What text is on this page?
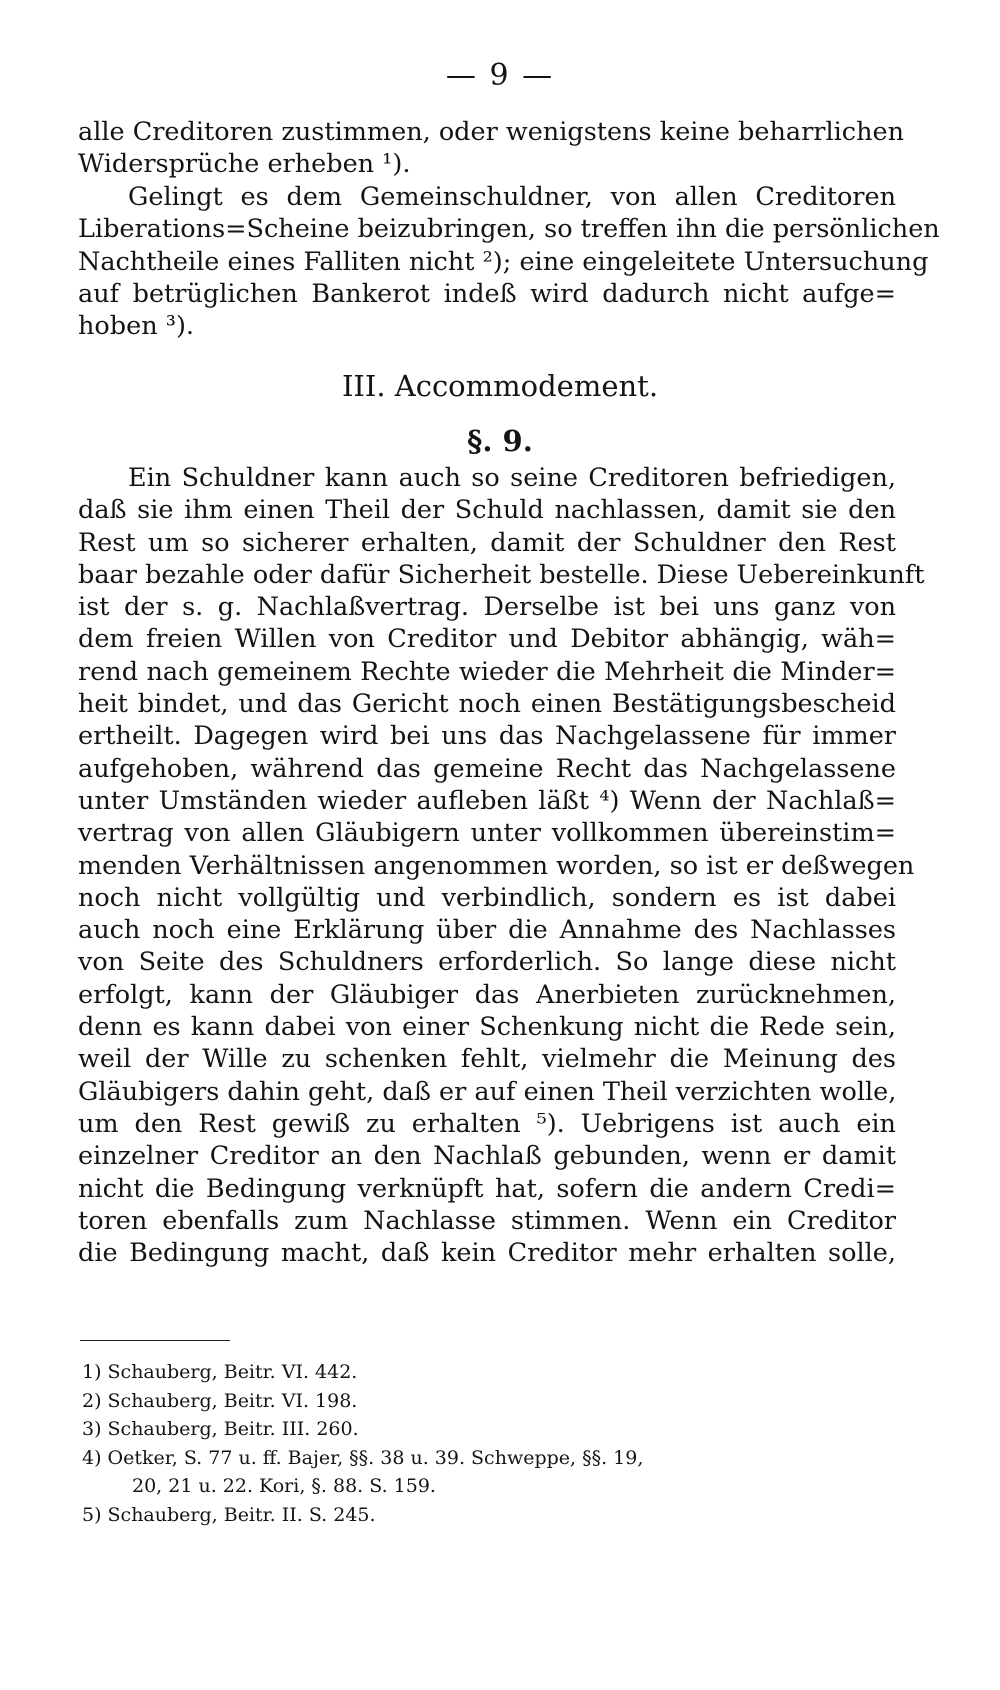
— 9 —
alle Creditoren zustimmen, oder wenigstens keine beharrlichen
Widersprüche erheben ¹).
Gelingt es dem Gemeinschuldner, von allen Creditoren
Liberations=Scheine beizubringen, so treffen ihn die persönlichen
Nachtheile eines Falliten nicht ²); eine eingeleitete Untersuchung
auf betrüglichen Bankerot indeß wird dadurch nicht aufge=
hoben ³).
III. Accommodement.
§. 9.
Ein Schuldner kann auch so seine Creditoren befriedigen,
daß sie ihm einen Theil der Schuld nachlassen, damit sie den
Rest um so sicherer erhalten, damit der Schuldner den Rest
baar bezahle oder dafür Sicherheit bestelle. Diese Uebereinkunft
ist der s. g. Nachlaßvertrag. Derselbe ist bei uns ganz von
dem freien Willen von Creditor und Debitor abhängig, wäh=
rend nach gemeinem Rechte wieder die Mehrheit die Minder=
heit bindet, und das Gericht noch einen Bestätigungsbescheid
ertheilt. Dagegen wird bei uns das Nachgelassene für immer
aufgehoben, während das gemeine Recht das Nachgelassene
unter Umständen wieder aufleben läßt ⁴) Wenn der Nachlaß=
vertrag von allen Gläubigern unter vollkommen übereinstim=
menden Verhältnissen angenommen worden, so ist er deßwegen
noch nicht vollgültig und verbindlich, sondern es ist dabei
auch noch eine Erklärung über die Annahme des Nachlasses
von Seite des Schuldners erforderlich. So lange diese nicht
erfolgt, kann der Gläubiger das Anerbieten zurücknehmen,
denn es kann dabei von einer Schenkung nicht die Rede sein,
weil der Wille zu schenken fehlt, vielmehr die Meinung des
Gläubigers dahin geht, daß er auf einen Theil verzichten wolle,
um den Rest gewiß zu erhalten ⁵). Uebrigens ist auch ein
einzelner Creditor an den Nachlaß gebunden, wenn er damit
nicht die Bedingung verknüpft hat, sofern die andern Credi=
toren ebenfalls zum Nachlasse stimmen. Wenn ein Creditor
die Bedingung macht, daß kein Creditor mehr erhalten solle,
1) Schauberg, Beitr. VI. 442.
2) Schauberg, Beitr. VI. 198.
3) Schauberg, Beitr. III. 260.
4) Oetker, S. 77 u. ff. Bajer, §§. 38 u. 39. Schweppe, §§. 19,
20, 21 u. 22. Kori, §. 88. S. 159.
5) Schauberg, Beitr. II. S. 245.
